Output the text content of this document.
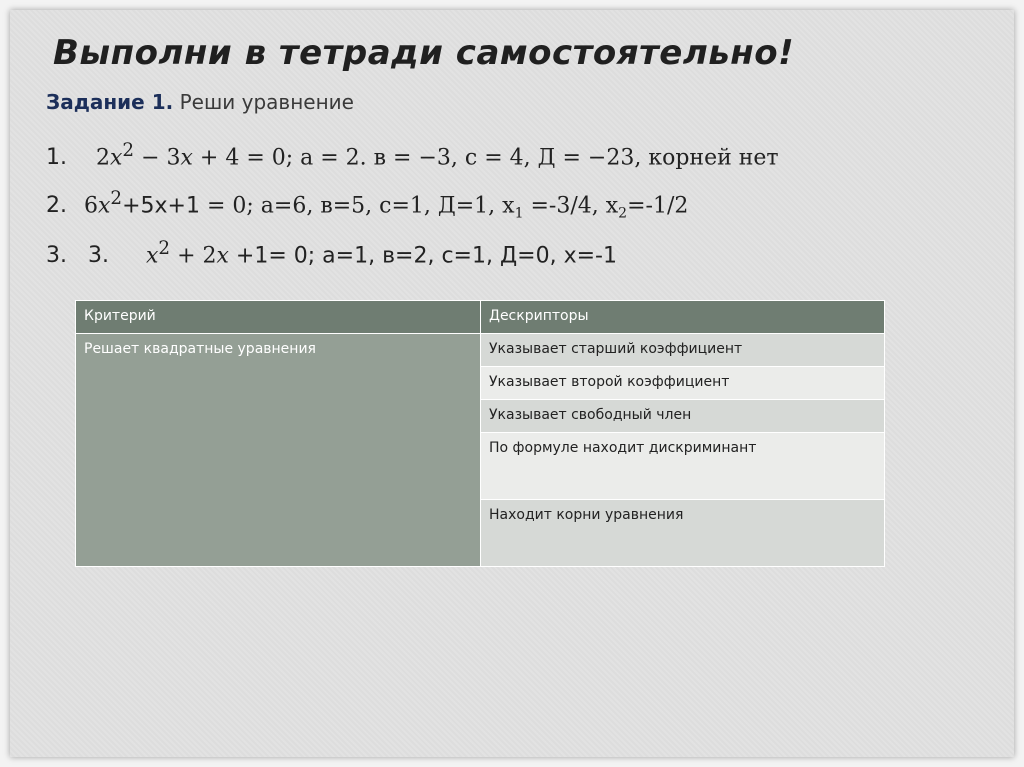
Выполни в тетради самостоятельно!
Задание 1. Реши уравнение
1. 2𝑥$^2$ − 3𝑥 + 4 = 0; а = 2. в = −3, с = 4, Д = −23, корней нет
2. 6𝑥$^2$+5х+1 = 0; а=6, в=5, с=1, Д=1, $х_1 =-3/4$, $х_2=-1/2$
3. 3. 𝑥$^2$ + 2𝑥 +1= 0; а=1, в=2, с=1, Д=0, х=-1
Критерий	Дескрипторы
Решает квадратные уравнения	Указывает старший коэффициент
	Указывает второй коэффициент
	Указывает свободный член
	По формуле находит дискриминант
	Находит корни уравнения
